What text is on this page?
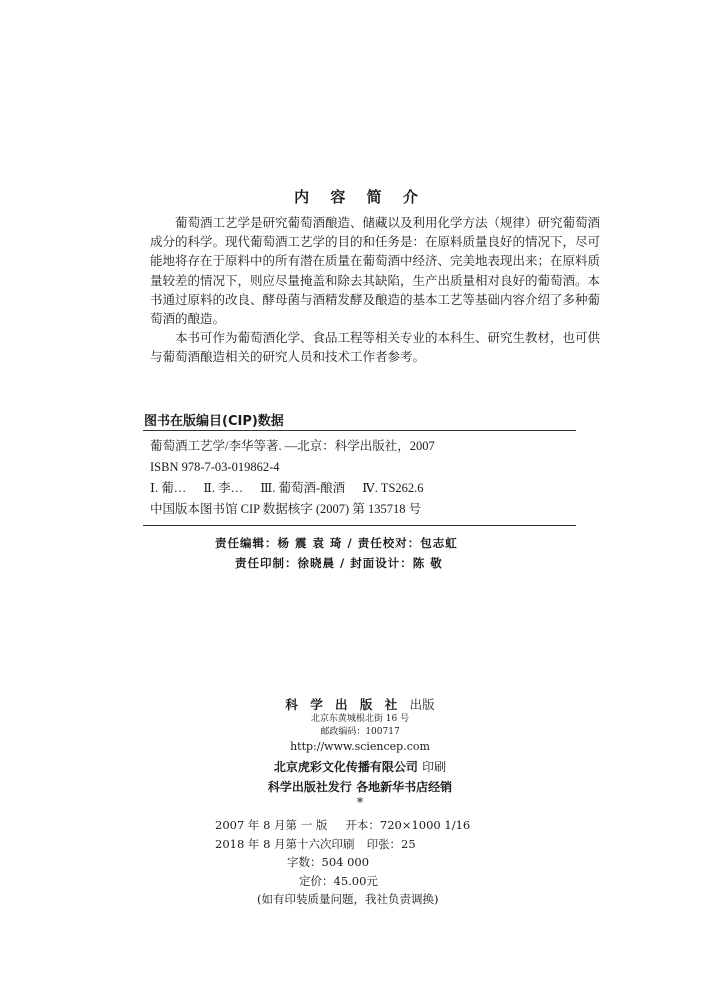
内 容 简 介

葡萄酒工艺学是研究葡萄酒酿造、储藏以及利用化学方法（规律）研究葡萄酒成分的科学。现代葡萄酒工艺学的目的和任务是：在原料质量良好的情况下，尽可能地将存在于原料中的所有潜在质量在葡萄酒中经济、完美地表现出来；在原料质量较差的情况下，则应尽量掩盖和除去其缺陷，生产出质量相对良好的葡萄酒。本书通过原料的改良、酵母菌与酒精发酵及酿造的基本工艺等基础内容介绍了多种葡萄酒的酿造。

本书可作为葡萄酒化学、食品工程等相关专业的本科生、研究生教材，也可供与葡萄酒酿造相关的研究人员和技术工作者参考。

图书在版编目(CIP)数据
葡萄酒工艺学/李华等著. —北京：科学出版社，2007
ISBN 978-7-03-019862-4
Ⅰ. 葡… Ⅱ. 李… Ⅲ. 葡萄酒-酿酒 Ⅳ. TS262.6
中国版本图书馆 CIP 数据核字 (2007) 第 135718 号
责任编辑：杨 震 袁 琦 / 责任校对：包志虹
责任印制：徐晓晨 / 封面设计：陈 敬
科 学 出 版 社 出版
北京东黄城根北街 16 号
邮政编码：100717
http://www.sciencep.com
北京虎彩文化传播有限公司 印刷
科学出版社发行 各地新华书店经销
*
2007 年 8 月第 一 版 开本：720×1000 1/16
2018 年 8 月第十六次印刷 印张：25
字数：504 000
定价：45.00元
(如有印装质量问题，我社负责调换)
